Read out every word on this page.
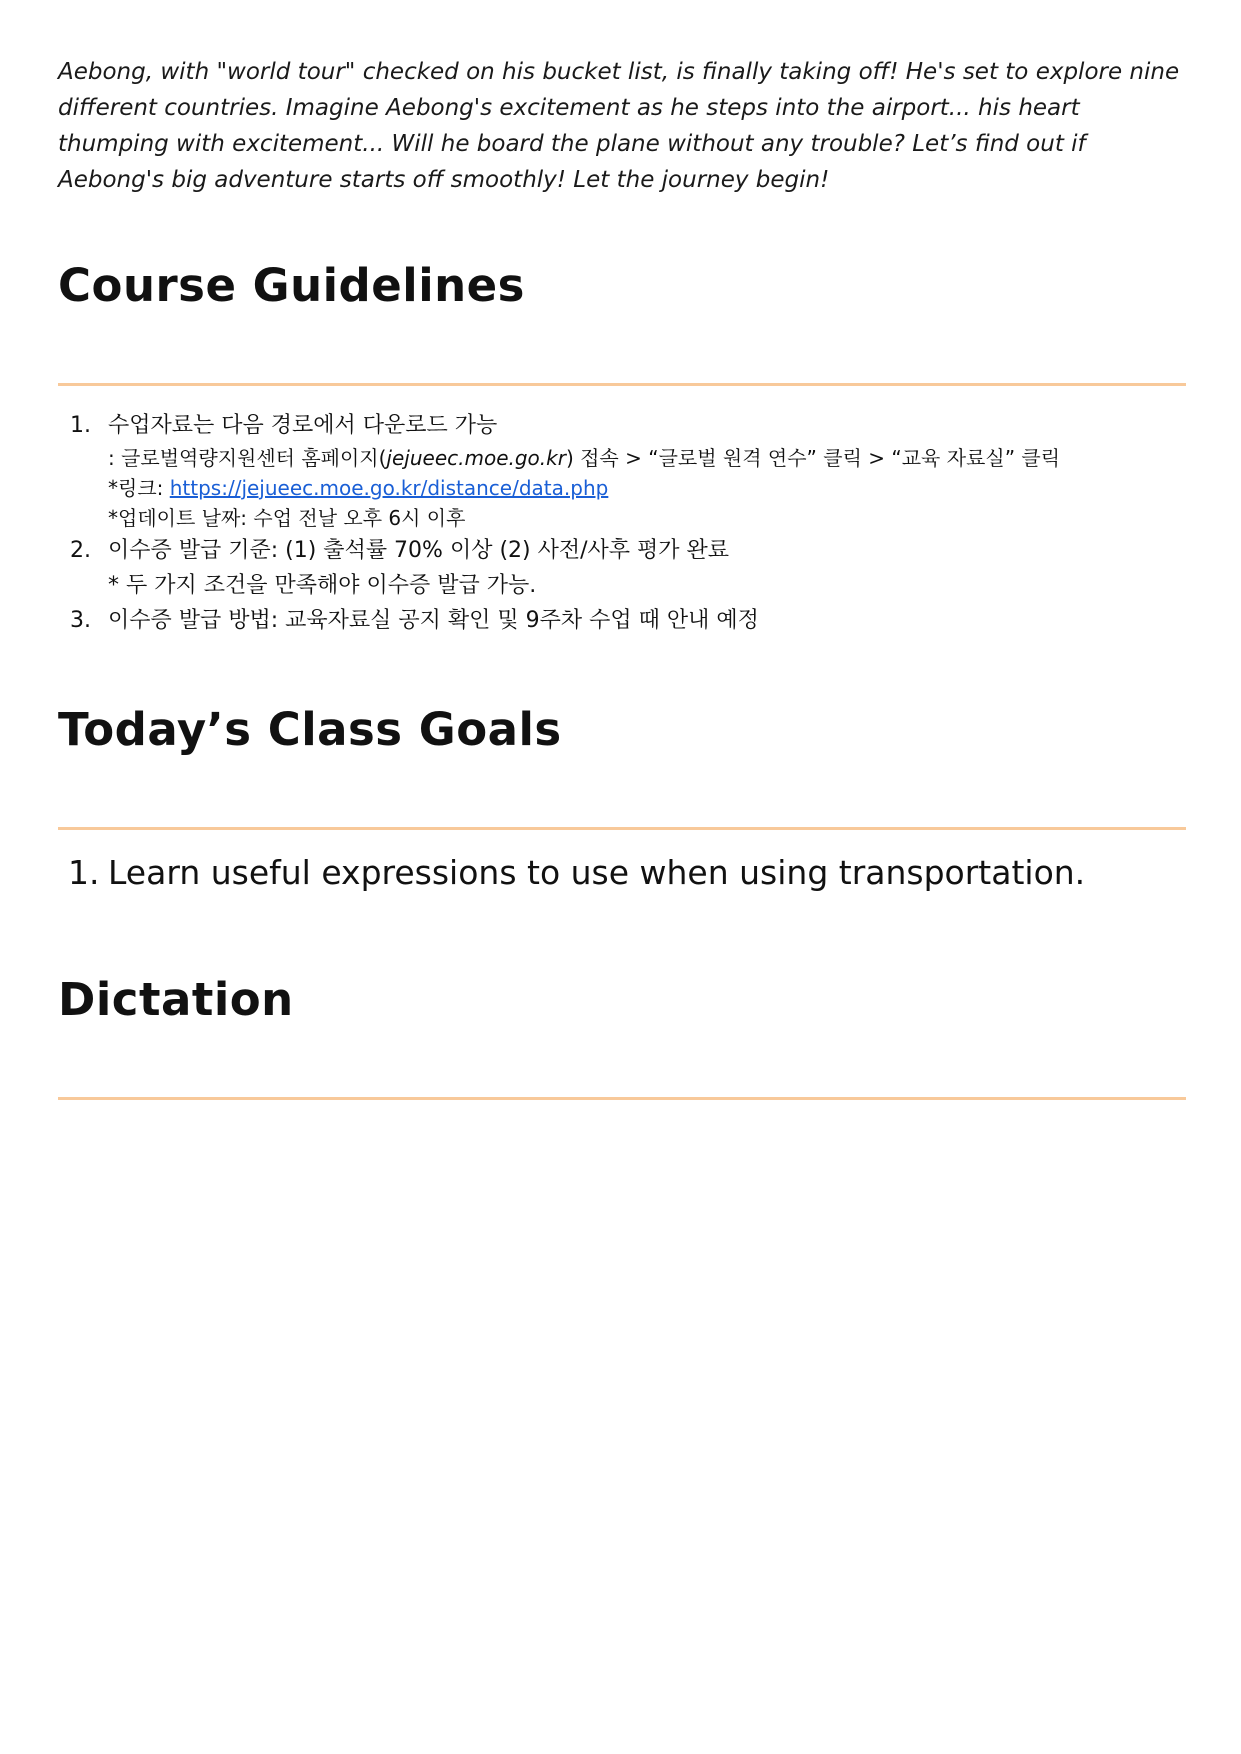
Aebong, with "world tour" checked on his bucket list, is finally taking off! He's set to explore nine different countries. Imagine Aebong's excitement as he steps into the airport... his heart thumping with excitement... Will he board the plane without any trouble? Let’s find out if Aebong's big adventure starts off smoothly! Let the journey begin!

Course Guidelines
1. 수업자료는 다음 경로에서 다운로드 가능
: 글로벌역량지원센터 홈페이지(jejueec.moe.go.kr) 접속 > “글로벌 원격 연수” 클릭 > “교육 자료실” 클릭
*링크: https://jejueec.moe.go.kr/distance/data.php
*업데이트 날짜: 수업 전날 오후 6시 이후
2. 이수증 발급 기준: (1) 출석률 70% 이상 (2) 사전/사후 평가 완료
* 두 가지 조건을 만족해야 이수증 발급 가능.
3. 이수증 발급 방법: 교육자료실 공지 확인 및 9주차 수업 때 안내 예정
Today’s Class Goals
1. Learn useful expressions to use when using transportation.
Dictation
